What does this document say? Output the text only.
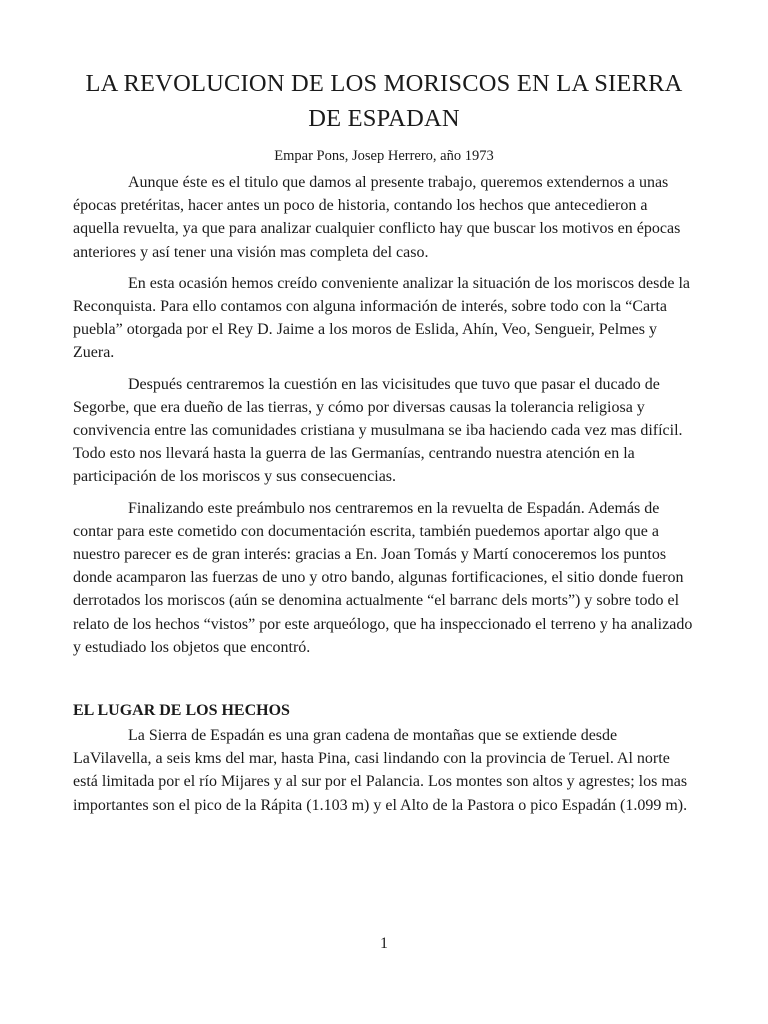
LA REVOLUCION DE LOS MORISCOS EN LA SIERRA DE ESPADAN

Empar Pons, Josep Herrero, año 1973

Aunque éste es el titulo que damos al presente trabajo, queremos extendernos a unas épocas pretéritas, hacer antes un poco de historia, contando los hechos que antecedieron a aquella revuelta, ya que para analizar cualquier conflicto hay que buscar los motivos en épocas anteriores y así tener una visión mas completa del caso.

En esta ocasión hemos creído conveniente analizar la situación de los moriscos desde la Reconquista. Para ello contamos con alguna información de interés, sobre todo con la “Carta puebla” otorgada por el Rey D. Jaime a los moros de Eslida, Ahín, Veo, Sengueir, Pelmes y Zuera.

Después centraremos la cuestión en las vicisitudes que tuvo que pasar el ducado de Segorbe, que era dueño de las tierras, y cómo por diversas causas la tolerancia religiosa y convivencia entre las comunidades cristiana y musulmana se iba haciendo cada vez mas difícil. Todo esto nos llevará hasta la guerra de las Germanías, centrando nuestra atención en la participación de los moriscos y sus consecuencias.

Finalizando este preámbulo nos centraremos en la revuelta de Espadán. Además de contar para este cometido con documentación escrita, también puedemos aportar algo que a nuestro parecer es de gran interés: gracias a En. Joan Tomás y Martí conoceremos los puntos donde acamparon las fuerzas de uno y otro bando, algunas fortificaciones, el sitio donde fueron derrotados los moriscos (aún se denomina actualmente “el barranc dels morts”) y sobre todo el relato de los hechos “vistos” por este arqueólogo, que ha inspeccionado el terreno y ha analizado y estudiado los objetos que encontró.

EL LUGAR DE LOS HECHOS

La Sierra de Espadán es una gran cadena de montañas que se extiende desde LaVilavella, a seis kms del mar, hasta Pina, casi lindando con la provincia de Teruel. Al norte está limitada por el río Mijares y al sur por el Palancia. Los montes son altos y agrestes; los mas importantes son el pico de la Rápita (1.103 m) y el Alto de la Pastora o pico Espadán (1.099 m).

1
